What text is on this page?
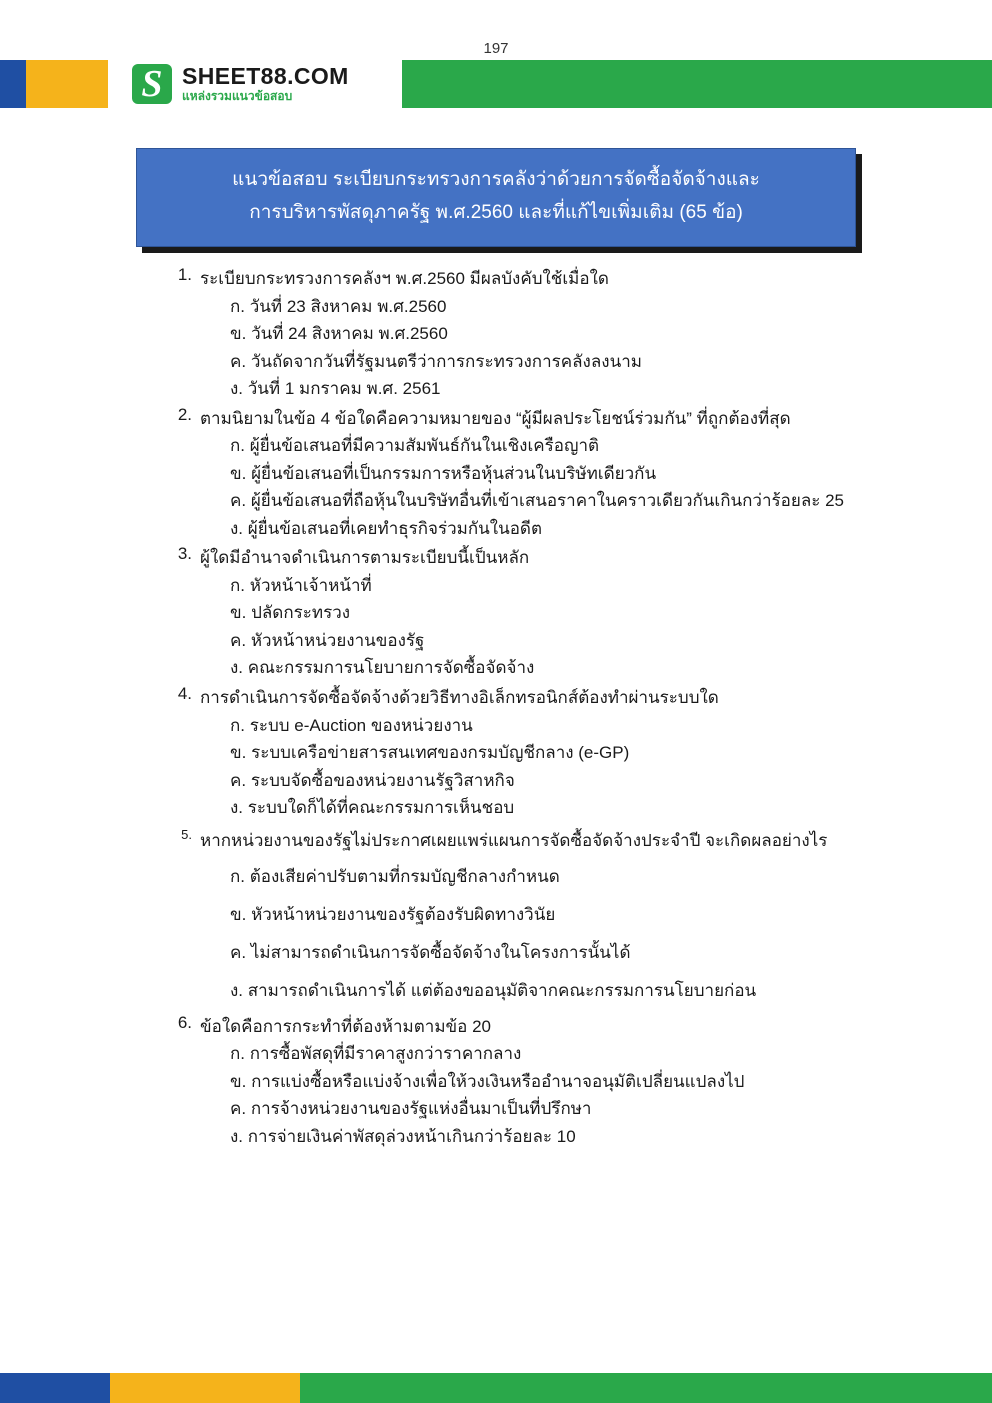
197
S SHEET88.COM
แหล่งรวมแนวข้อสอบ
แนวข้อสอบ ระเบียบกระทรวงการคลังว่าด้วยการจัดซื้อจัดจ้างและ
การบริหารพัสดุภาครัฐ พ.ศ.2560 และที่แก้ไขเพิ่มเติม (65 ข้อ)
1. ระเบียบกระทรวงการคลังฯ พ.ศ.2560 มีผลบังคับใช้เมื่อใด
ก. วันที่ 23 สิงหาคม พ.ศ.2560
ข. วันที่ 24 สิงหาคม พ.ศ.2560
ค. วันถัดจากวันที่รัฐมนตรีว่าการกระทรวงการคลังลงนาม
ง. วันที่ 1 มกราคม พ.ศ. 2561
2. ตามนิยามในข้อ 4 ข้อใดคือความหมายของ “ผู้มีผลประโยชน์ร่วมกัน” ที่ถูกต้องที่สุด
ก. ผู้ยื่นข้อเสนอที่มีความสัมพันธ์กันในเชิงเครือญาติ
ข. ผู้ยื่นข้อเสนอที่เป็นกรรมการหรือหุ้นส่วนในบริษัทเดียวกัน
ค. ผู้ยื่นข้อเสนอที่ถือหุ้นในบริษัทอื่นที่เข้าเสนอราคาในคราวเดียวกันเกินกว่าร้อยละ 25
ง. ผู้ยื่นข้อเสนอที่เคยทำธุรกิจร่วมกันในอดีต
3. ผู้ใดมีอำนาจดำเนินการตามระเบียบนี้เป็นหลัก
ก. หัวหน้าเจ้าหน้าที่
ข. ปลัดกระทรวง
ค. หัวหน้าหน่วยงานของรัฐ
ง. คณะกรรมการนโยบายการจัดซื้อจัดจ้าง
4. การดำเนินการจัดซื้อจัดจ้างด้วยวิธีทางอิเล็กทรอนิกส์ต้องทำผ่านระบบใด
ก. ระบบ e-Auction ของหน่วยงาน
ข. ระบบเครือข่ายสารสนเทศของกรมบัญชีกลาง (e-GP)
ค. ระบบจัดซื้อของหน่วยงานรัฐวิสาหกิจ
ง. ระบบใดก็ได้ที่คณะกรรมการเห็นชอบ
5. หากหน่วยงานของรัฐไม่ประกาศเผยแพร่แผนการจัดซื้อจัดจ้างประจำปี จะเกิดผลอย่างไร
ก. ต้องเสียค่าปรับตามที่กรมบัญชีกลางกำหนด
ข. หัวหน้าหน่วยงานของรัฐต้องรับผิดทางวินัย
ค. ไม่สามารถดำเนินการจัดซื้อจัดจ้างในโครงการนั้นได้
ง. สามารถดำเนินการได้ แต่ต้องขออนุมัติจากคณะกรรมการนโยบายก่อน
6. ข้อใดคือการกระทำที่ต้องห้ามตามข้อ 20
ก. การซื้อพัสดุที่มีราคาสูงกว่าราคากลาง
ข. การแบ่งซื้อหรือแบ่งจ้างเพื่อให้วงเงินหรืออำนาจอนุมัติเปลี่ยนแปลงไป
ค. การจ้างหน่วยงานของรัฐแห่งอื่นมาเป็นที่ปรึกษา
ง. การจ่ายเงินค่าพัสดุล่วงหน้าเกินกว่าร้อยละ 10
